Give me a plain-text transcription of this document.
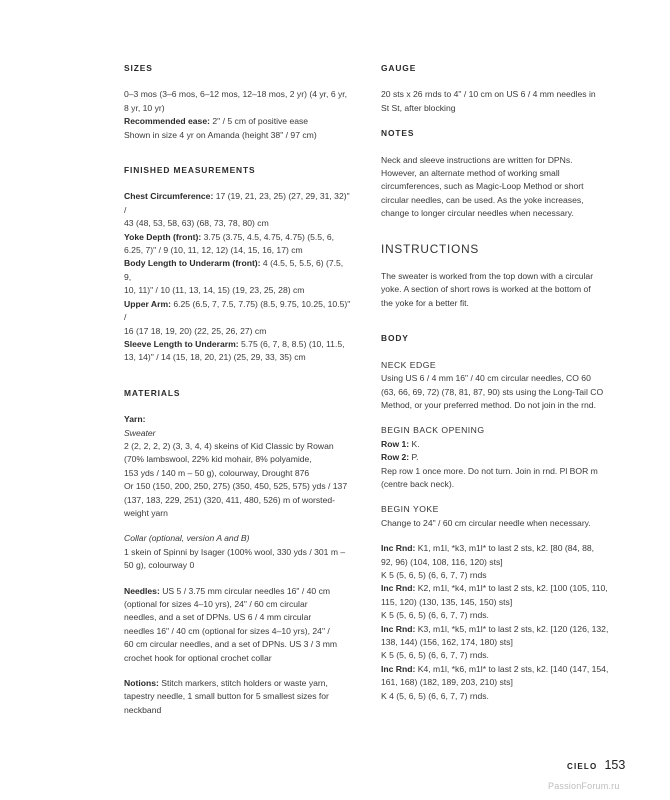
SIZES

0–3 mos (3–6 mos, 6–12 mos, 12–18 mos, 2 yr) (4 yr, 6 yr,

8 yr, 10 yr)

Recommended ease: 2" / 5 cm of positive ease

Shown in size 4 yr on Amanda (height 38" / 97 cm)

FINISHED MEASUREMENTS

Chest Circumference: 17 (19, 21, 23, 25) (27, 29, 31, 32)" /

43 (48, 53, 58, 63) (68, 73, 78, 80) cm

Yoke Depth (front): 3.75 (3.75, 4.5, 4.75, 4.75) (5.5, 6,

6.25, 7)" / 9 (10, 11, 12, 12) (14, 15, 16, 17) cm

Body Length to Underarm (front): 4 (4.5, 5, 5.5, 6) (7.5, 9,

10, 11)" / 10 (11, 13, 14, 15) (19, 23, 25, 28) cm

Upper Arm: 6.25 (6.5, 7, 7.5, 7.75) (8.5, 9.75, 10.25, 10.5)" /

16 (17 18, 19, 20) (22, 25, 26, 27) cm

Sleeve Length to Underarm: 5.75 (6, 7, 8, 8.5) (10, 11.5,

13, 14)" / 14 (15, 18, 20, 21) (25, 29, 33, 35) cm

MATERIALS

Yarn:

Sweater

2 (2, 2, 2, 2) (3, 3, 4, 4) skeins of Kid Classic by Rowan

(70% lambswool, 22% kid mohair, 8% polyamide,

153 yds / 140 m – 50 g), colourway, Drought 876

Or 150 (150, 200, 250, 275) (350, 450, 525, 575) yds / 137

(137, 183, 229, 251) (320, 411, 480, 526) m of worsted-

weight yarn

Collar (optional, version A and B)

1 skein of Spinni by Isager (100% wool, 330 yds / 301 m –

50 g), colourway 0

Needles: US 5 / 3.75 mm circular needles 16" / 40 cm

(optional for sizes 4–10 yrs), 24" / 60 cm circular

needles, and a set of DPNs. US 6 / 4 mm circular

needles 16" / 40 cm (optional for sizes 4–10 yrs), 24" /

60 cm circular needles, and a set of DPNs. US 3 / 3 mm

crochet hook for optional crochet collar

Notions: Stitch markers, stitch holders or waste yarn,

tapestry needle, 1 small button for 5 smallest sizes for

neckband

GAUGE

20 sts x 26 rnds to 4" / 10 cm on US 6 / 4 mm needles in

St St, after blocking

NOTES

Neck and sleeve instructions are written for DPNs.

However, an alternate method of working small

circumferences, such as Magic-Loop Method or short

circular needles, can be used. As the yoke increases,

change to longer circular needles when necessary.

INSTRUCTIONS

The sweater is worked from the top down with a circular

yoke. A section of short rows is worked at the bottom of

the yoke for a better fit.

BODY

NECK EDGE

Using US 6 / 4 mm 16" / 40 cm circular needles, CO 60

(63, 66, 69, 72) (78, 81, 87, 90) sts using the Long-Tail CO

Method, or your preferred method. Do not join in the rnd.

BEGIN BACK OPENING

Row 1: K.

Row 2: P.

Rep row 1 once more. Do not turn. Join in rnd. Pl BOR m

(centre back neck).

BEGIN YOKE

Change to 24" / 60 cm circular needle when necessary.

Inc Rnd: K1, m1l, *k3, m1l* to last 2 sts, k2. [80 (84, 88,

92, 96) (104, 108, 116, 120) sts]

K 5 (5, 6, 5) (6, 6, 7, 7) rnds

Inc Rnd: K2, m1l, *k4, m1l* to last 2 sts, k2. [100 (105, 110,

115, 120) (130, 135, 145, 150) sts]

K 5 (5, 6, 5) (6, 6, 7, 7) rnds.

Inc Rnd: K3, m1l, *k5, m1l* to last 2 sts, k2. [120 (126, 132,

138, 144) (156, 162, 174, 180) sts]

K 5 (5, 6, 5) (6, 6, 7, 7) rnds.

Inc Rnd: K4, m1l, *k6, m1l* to last 2 sts, k2. [140 (147, 154,

161, 168) (182, 189, 203, 210) sts]

K 4 (5, 6, 5) (6, 6, 7, 7) rnds.

CIELO 153
PassionForum.ru
